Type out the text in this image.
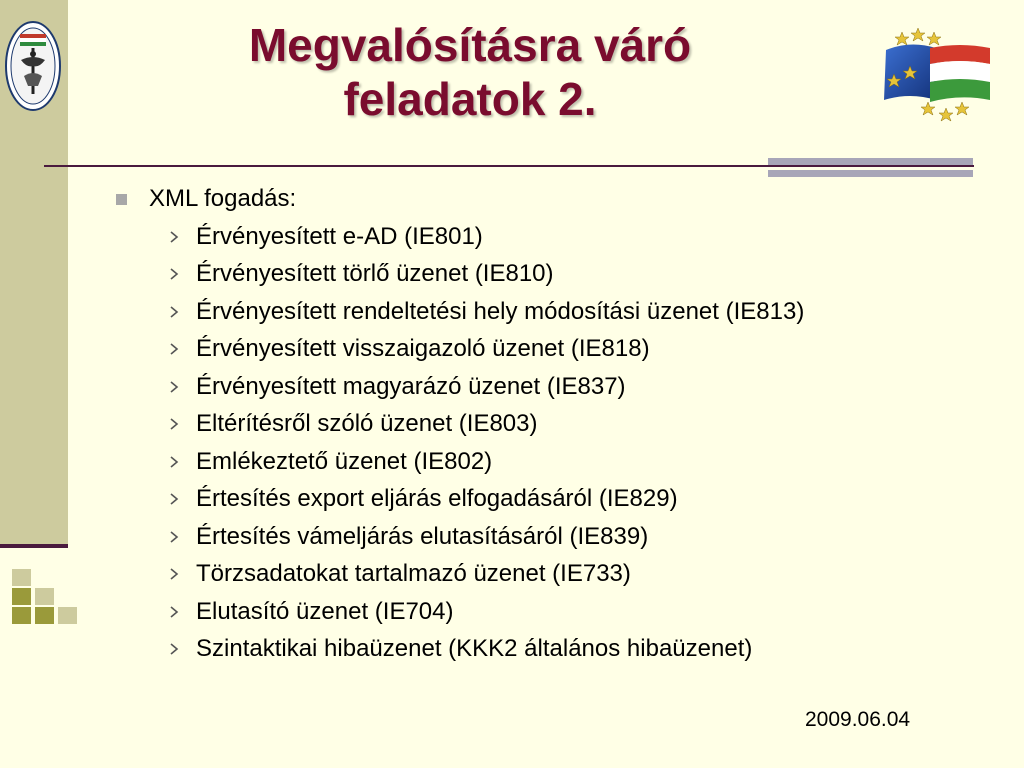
Megvalósításra váró
feladatok 2.
XML fogadás:
Érvényesített e-AD (IE801)
Érvényesített törlő üzenet (IE810)
Érvényesített rendeltetési hely módosítási üzenet (IE813)
Érvényesített visszaigazoló üzenet (IE818)
Érvényesített magyarázó üzenet (IE837)
Eltérítésről szóló üzenet (IE803)
Emlékeztető üzenet (IE802)
Értesítés export eljárás elfogadásáról (IE829)
Értesítés vámeljárás elutasításáról (IE839)
Törzsadatokat tartalmazó üzenet (IE733)
Elutasító üzenet (IE704)
Szintaktikai hibaüzenet (KKK2 általános hibaüzenet)
2009.06.04
